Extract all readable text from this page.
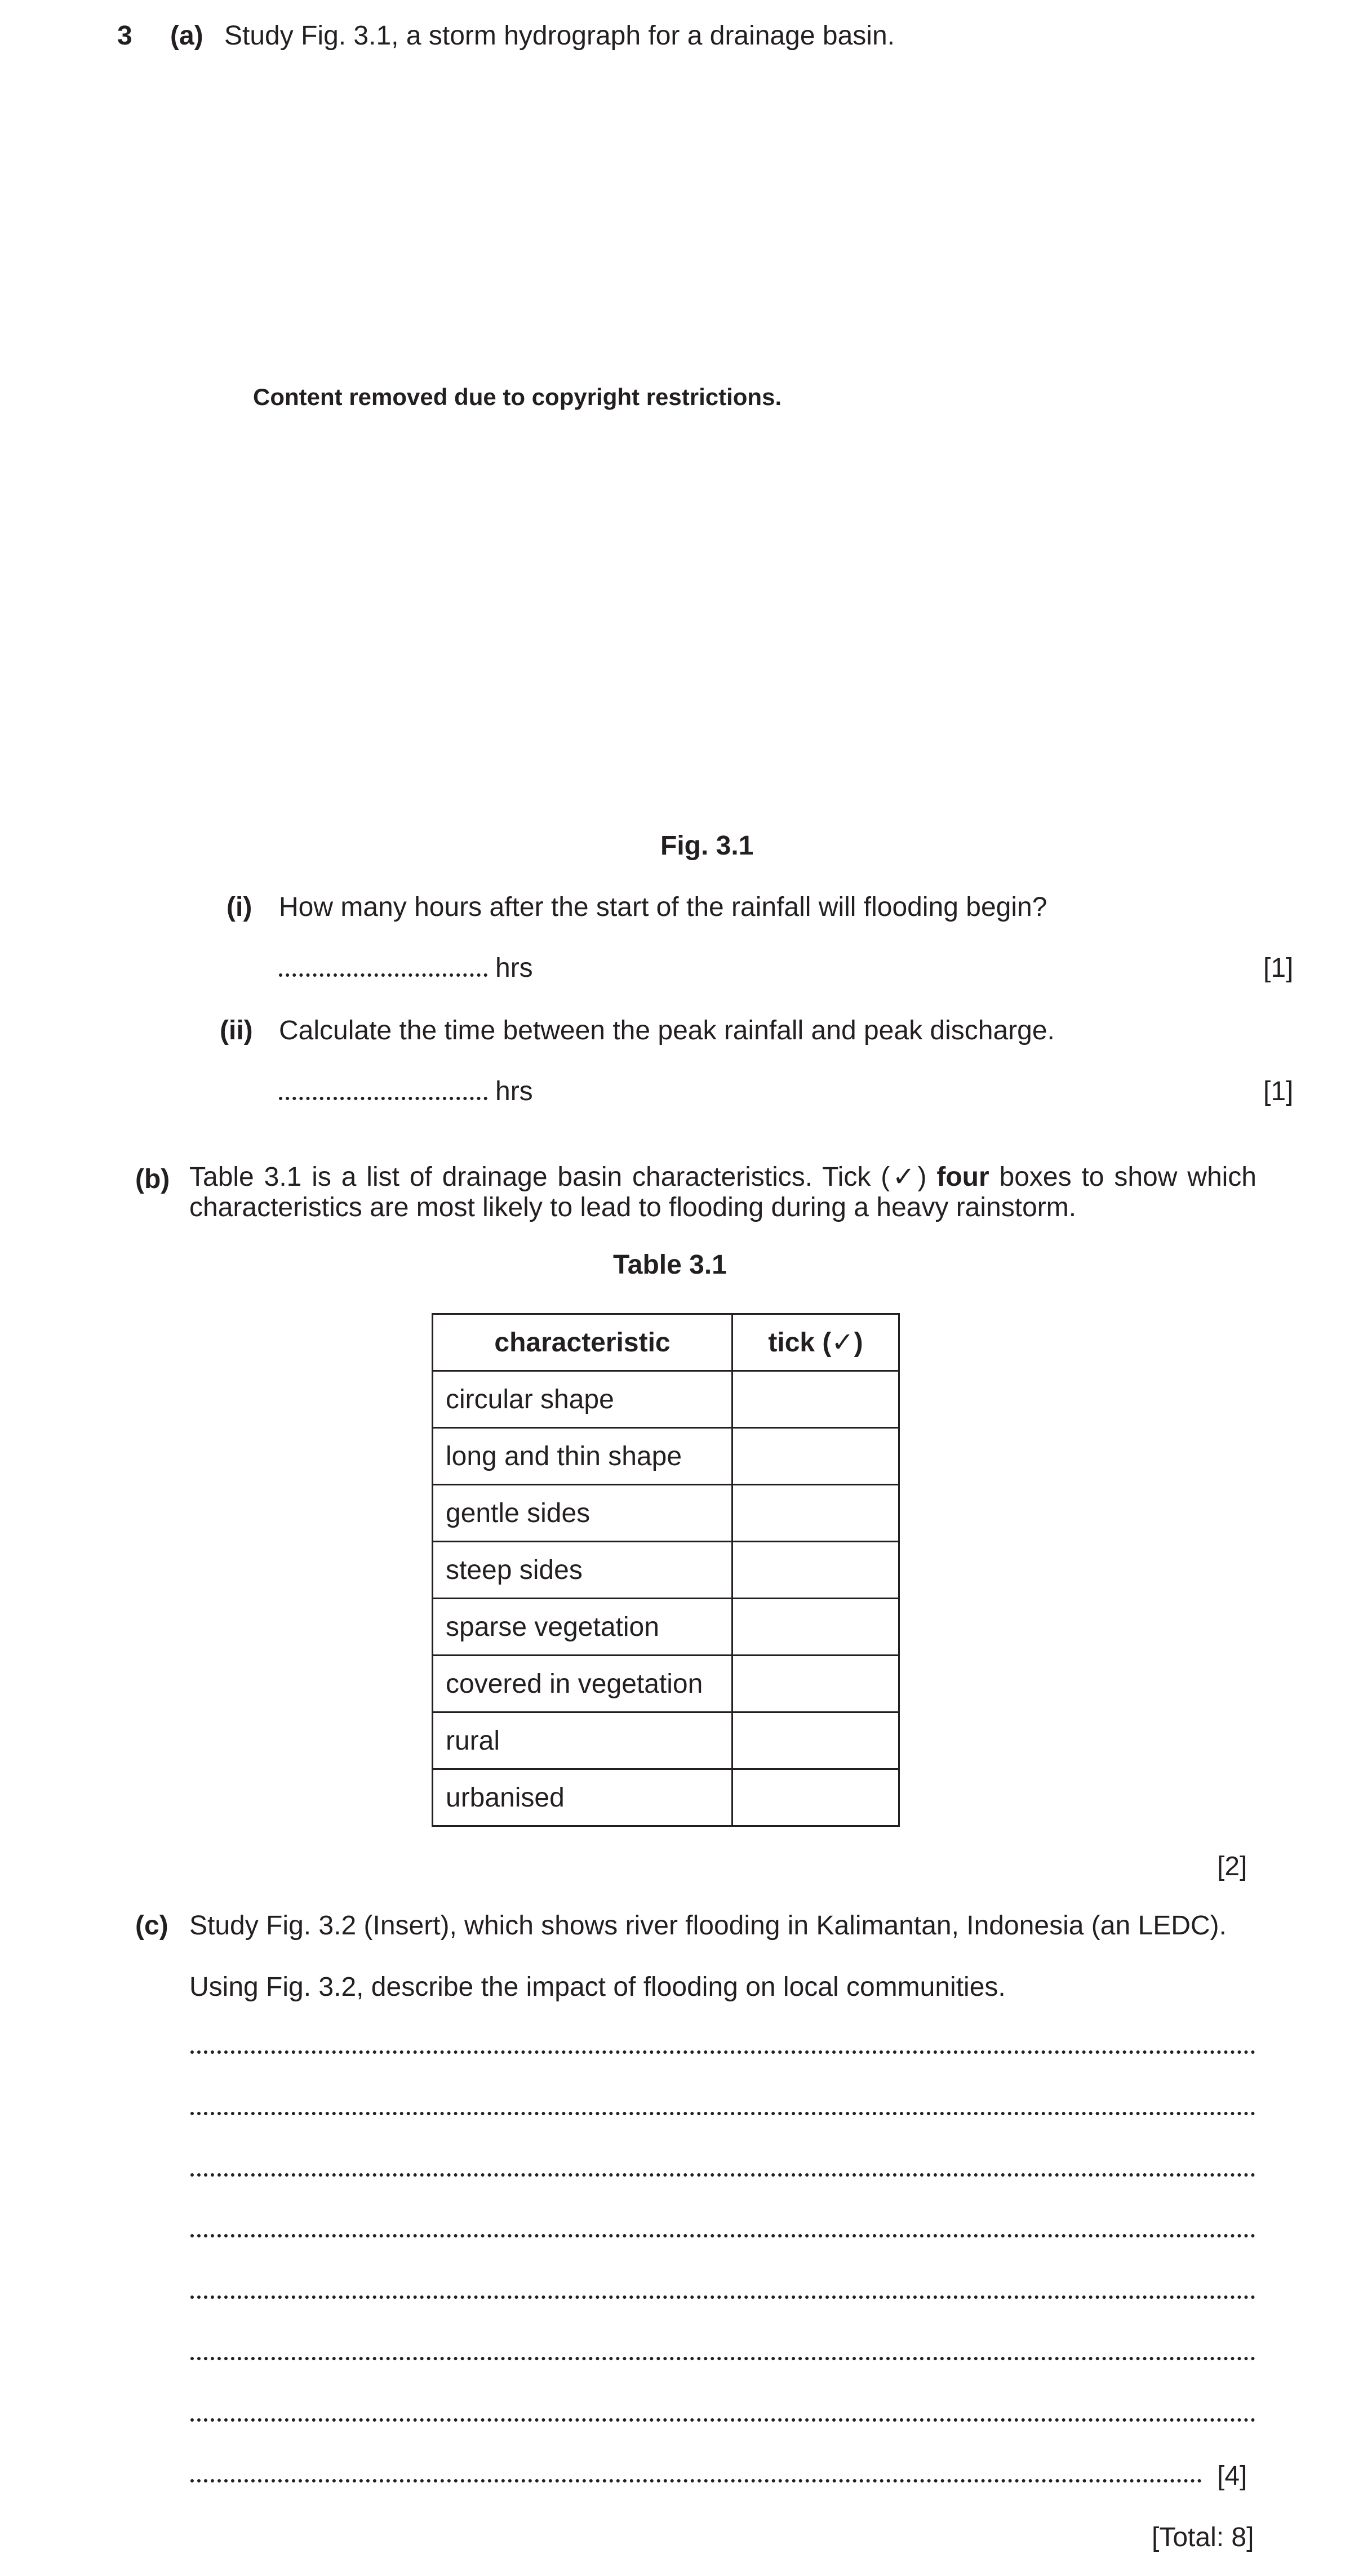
3 (a) Study Fig. 3.1, a storm hydrograph for a drainage basin.
Content removed due to copyright restrictions.
Fig. 3.1
(i) How many hours after the start of the rainfall will flooding begin?
hrs	[1]
(ii) Calculate the time between the peak rainfall and peak discharge.
hrs	[1]
(b) Table 3.1 is a list of drainage basin characteristics. Tick (✓) four boxes to show which characteristics are most likely to lead to flooding during a heavy rainstorm.
Table 3.1
characteristic	tick (✓)
circular shape	
long and thin shape	
gentle sides	
steep sides	
sparse vegetation	
covered in vegetation	
rural	
urbanised	
[2]
(c) Study Fig. 3.2 (Insert), which shows river flooding in Kalimantan, Indonesia (an LEDC).
Using Fig. 3.2, describe the impact of flooding on local communities.
[4]
[Total: 8]
